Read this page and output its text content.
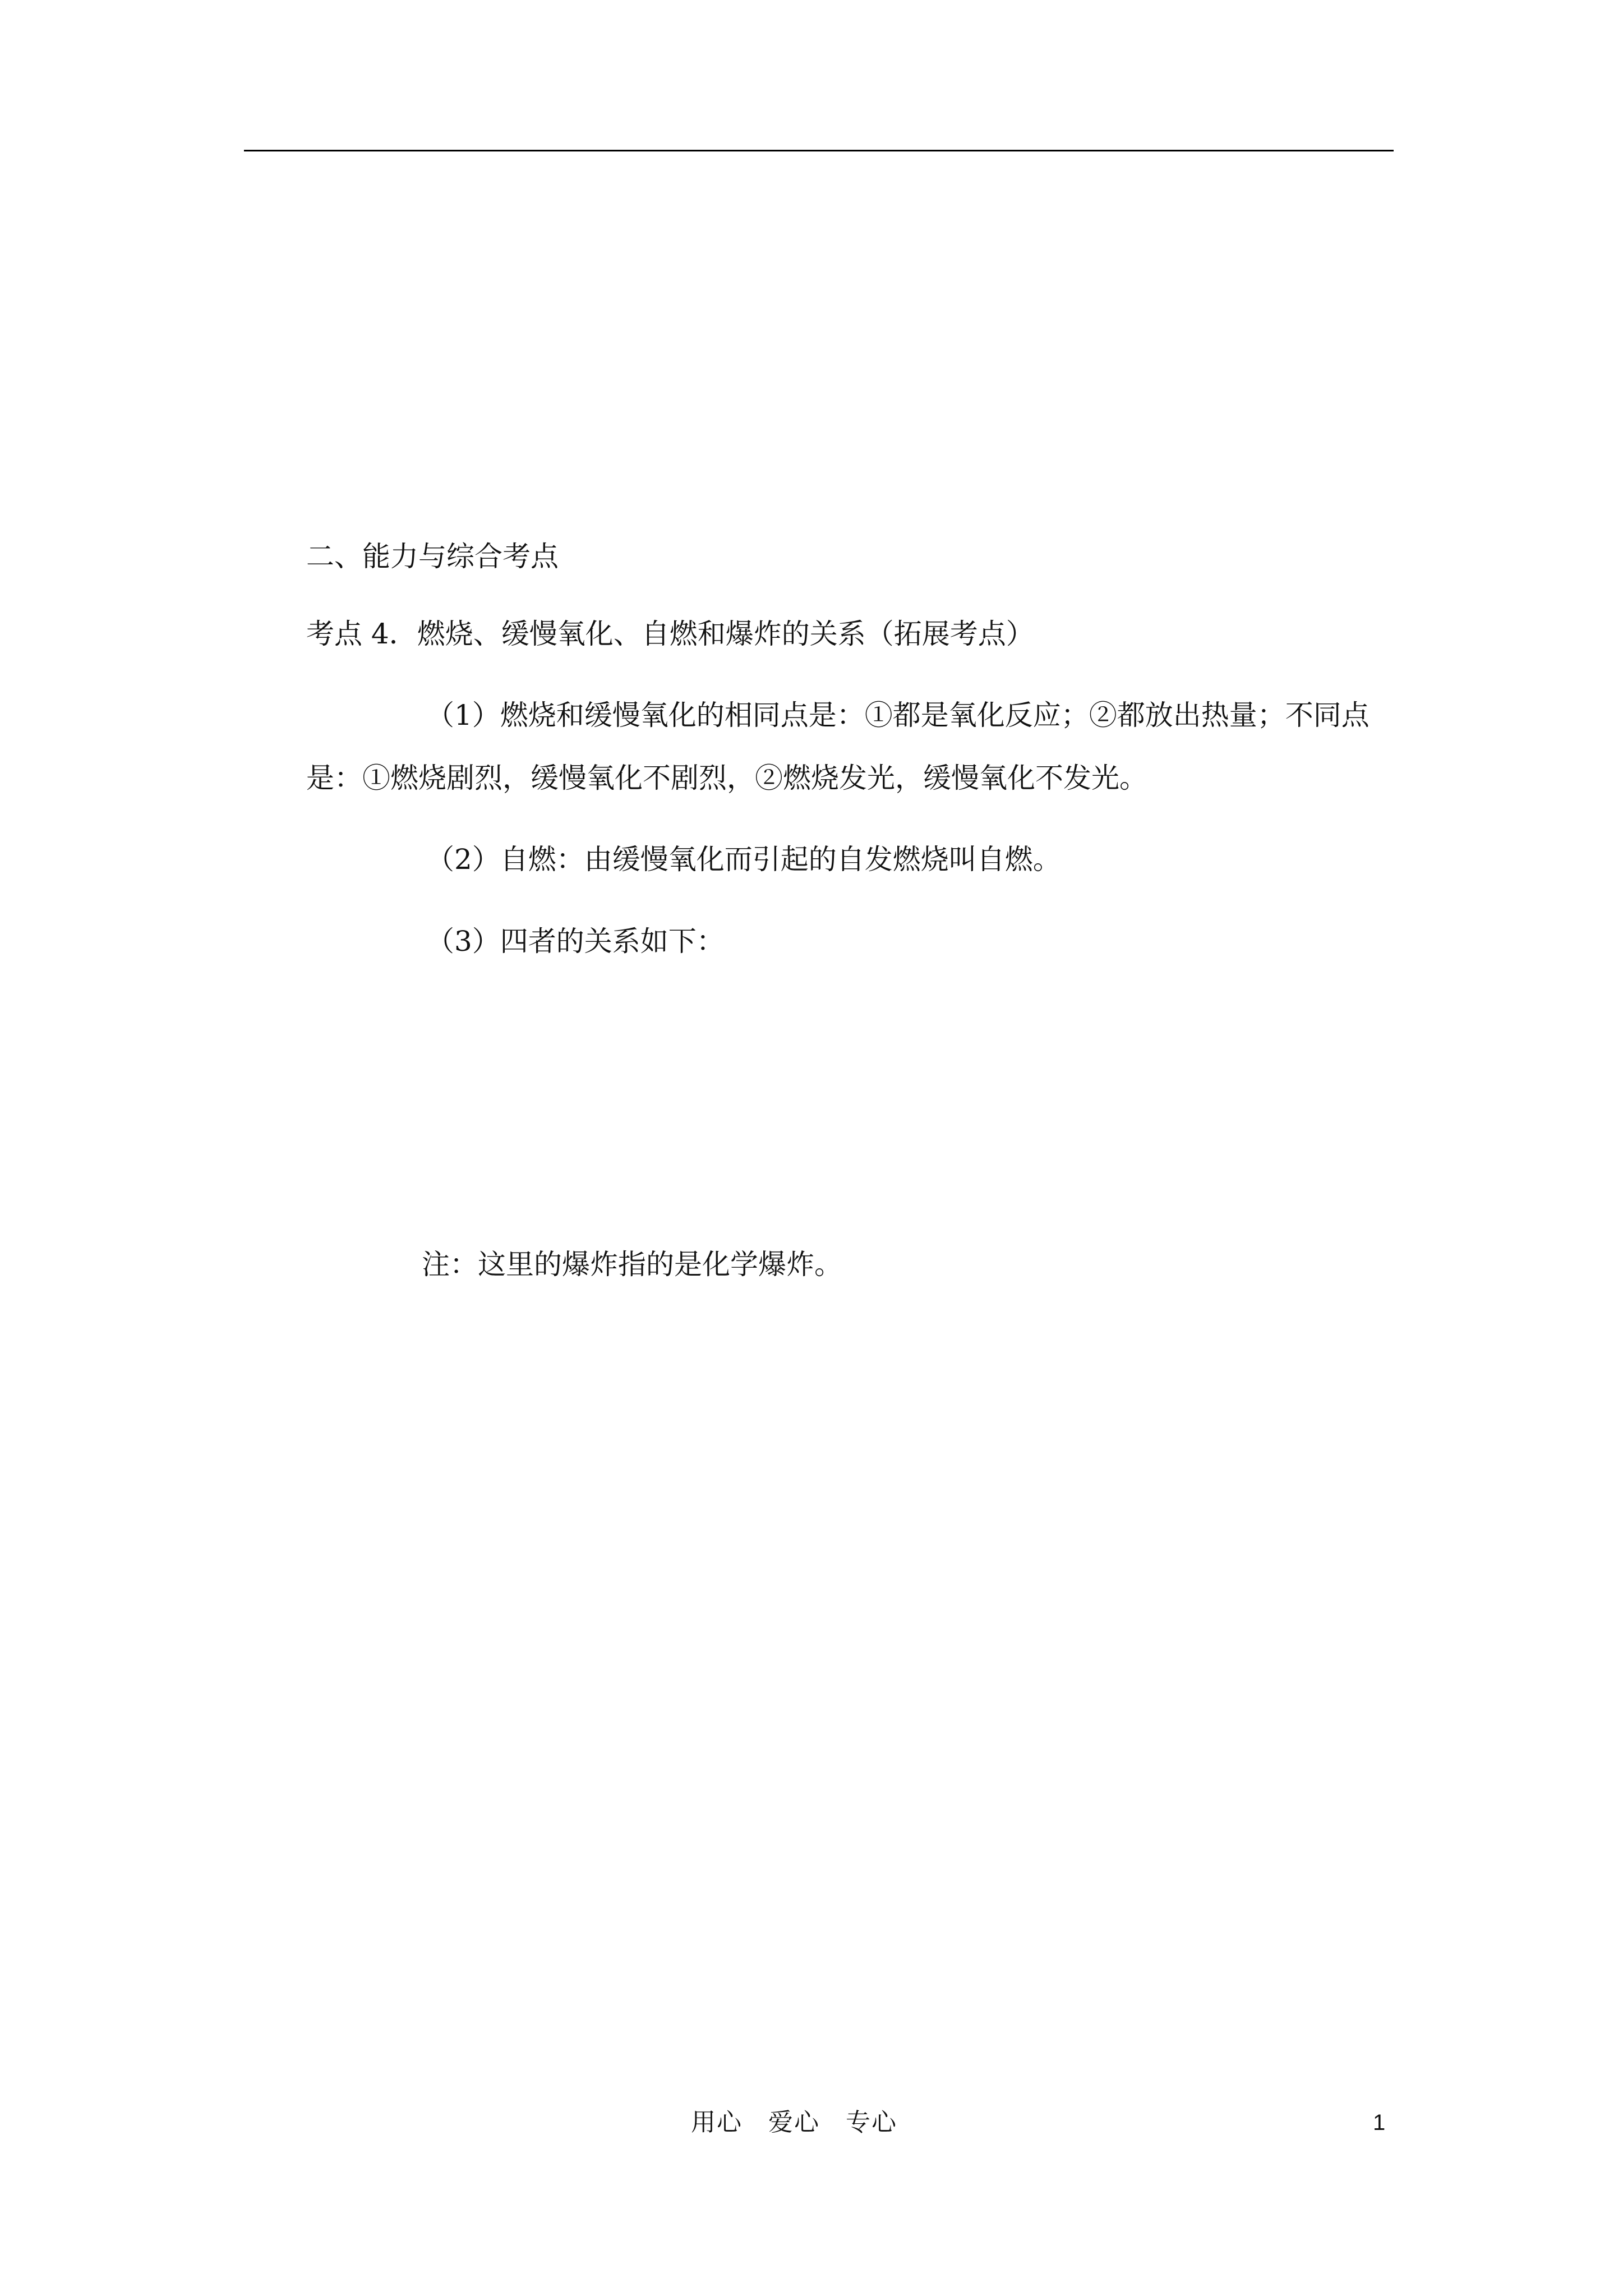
二、能力与综合考点

考点 4．燃烧、缓慢氧化、自燃和爆炸的关系（拓展考点）

（1）燃烧和缓慢氧化的相同点是：①都是氧化反应；②都放出热量；不同点

是：①燃烧剧烈，缓慢氧化不剧烈，②燃烧发光，缓慢氧化不发光。

（2）自燃：由缓慢氧化而引起的自发燃烧叫自燃。

（3）四者的关系如下：

注：这里的爆炸指的是化学爆炸。

用心　爱心　专心	1
